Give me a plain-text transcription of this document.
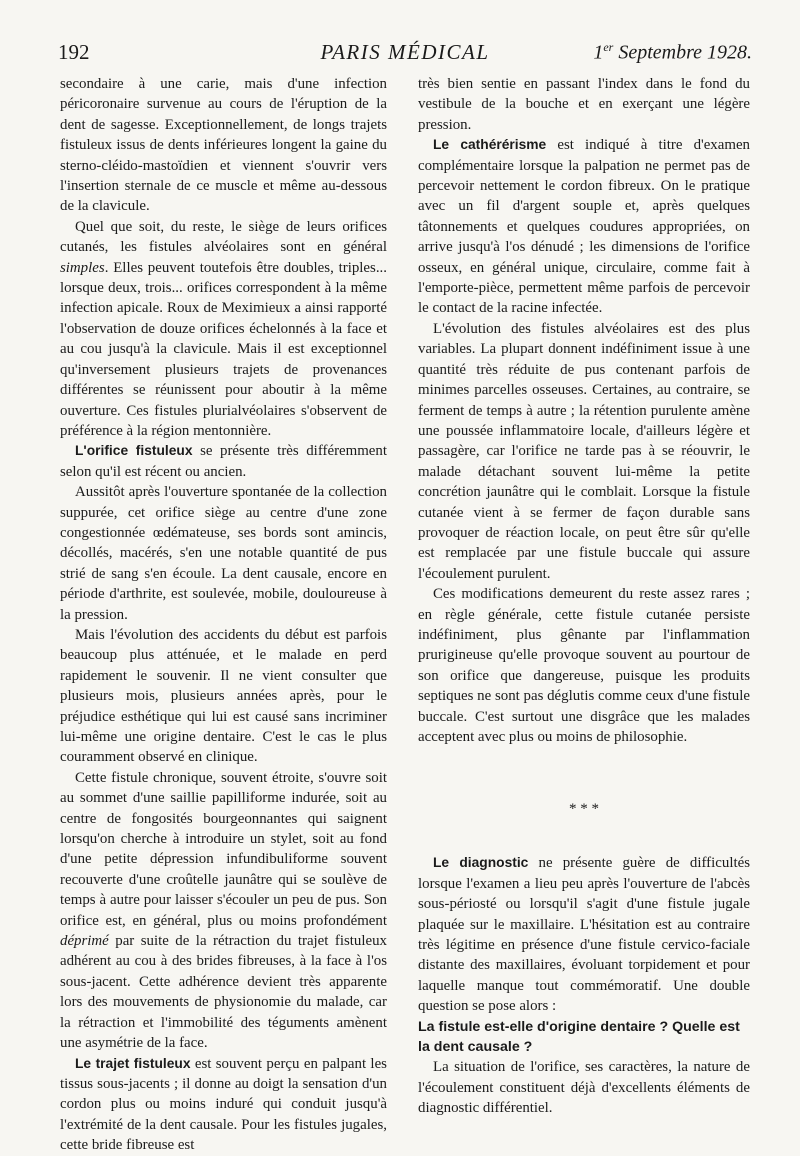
192	PARIS MÉDICAL	1er Septembre 1928.

secondaire à une carie, mais d'une infection péricoronaire survenue au cours de l'éruption de la dent de sagesse. Exceptionnellement, de longs trajets fistuleux issus de dents inférieures longent la gaine du sterno-cléido-mastoïdien et viennent s'ouvrir vers l'insertion sternale de ce muscle et même au-dessous de la clavicule.

Quel que soit, du reste, le siège de leurs orifices cutanés, les fistules alvéolaires sont en général simples. Elles peuvent toutefois être doubles, triples... lorsque deux, trois... orifices correspondent à la même infection apicale. Roux de Meximieux a ainsi rapporté l'observation de douze orifices échelonnés à la face et au cou jusqu'à la clavicule. Mais il est exceptionnel qu'inversement plusieurs trajets de provenances différentes se réunissent pour aboutir à la même ouverture. Ces fistules plurialvéolaires s'observent de préférence à la région mentonnière.

L'orifice fistuleux se présente très différemment selon qu'il est récent ou ancien.

Aussitôt après l'ouverture spontanée de la collection suppurée, cet orifice siège au centre d'une zone congestionnée œdémateuse, ses bords sont amincis, décollés, macérés, s'en une notable quantité de pus strié de sang s'en écoule. La dent causale, encore en période d'arthrite, est soulevée, mobile, douloureuse à la pression.

Mais l'évolution des accidents du début est parfois beaucoup plus atténuée, et le malade en perd rapidement le souvenir. Il ne vient consulter que plusieurs mois, plusieurs années après, pour le préjudice esthétique qui lui est causé sans incriminer lui-même une origine dentaire. C'est le cas le plus couramment observé en clinique.

Cette fistule chronique, souvent étroite, s'ouvre soit au sommet d'une saillie papilliforme indurée, soit au centre de fongosités bourgeonnantes qui saignent lorsqu'on cherche à introduire un stylet, soit au fond d'une petite dépression infundibuliforme souvent recouverte d'une croûtelle jaunâtre qui se soulève de temps à autre pour laisser s'écouler un peu de pus. Son orifice est, en général, plus ou moins profondément déprimé par suite de la rétraction du trajet fistuleux adhérent au cou à des brides fibreuses, à la face à l'os sous-jacent. Cette adhérence devient très apparente lors des mouvements de physionomie du malade, car la rétraction et l'immobilité des téguments amènent une asymétrie de la face.

Le trajet fistuleux est souvent perçu en palpant les tissus sous-jacents ; il donne au doigt la sensation d'un cordon plus ou moins induré qui conduit jusqu'à l'extrémité de la dent causale. Pour les fistules jugales, cette bride fibreuse est

très bien sentie en passant l'index dans le fond du vestibule de la bouche et en exerçant une légère pression.

Le cathérérisme est indiqué à titre d'examen complémentaire lorsque la palpation ne permet pas de percevoir nettement le cordon fibreux. On le pratique avec un fil d'argent souple et, après quelques tâtonnements et quelques coudures appropriées, on arrive jusqu'à l'os dénudé ; les dimensions de l'orifice osseux, en général unique, circulaire, comme fait à l'emporte-pièce, permettent même parfois de percevoir le contact de la racine infectée.

L'évolution des fistules alvéolaires est des plus variables. La plupart donnent indéfiniment issue à une quantité très réduite de pus contenant parfois de minimes parcelles osseuses. Certaines, au contraire, se ferment de temps à autre ; la rétention purulente amène une poussée inflammatoire locale, d'ailleurs légère et passagère, car l'orifice ne tarde pas à se réouvrir, le malade détachant souvent lui-même la petite concrétion jaunâtre qui le comblait. Lorsque la fistule cutanée vient à se fermer de façon durable sans provoquer de réaction locale, on peut être sûr qu'elle est remplacée par une fistule buccale qui assure l'écoulement purulent.

Ces modifications demeurent du reste assez rares ; en règle générale, cette fistule cutanée persiste indéfiniment, plus gênante par l'inflammation prurigineuse qu'elle provoque souvent au pourtour de son orifice que dangereuse, puisque les produits septiques ne sont pas déglutis comme ceux d'une fistule buccale. C'est surtout une disgrâce que les malades acceptent avec plus ou moins de philosophie.

* * *

Le diagnostic ne présente guère de difficultés lorsque l'examen a lieu peu après l'ouverture de l'abcès sous-périosté ou lorsqu'il s'agit d'une fistule jugale plaquée sur le maxillaire. L'hésitation est au contraire très légitime en présence d'une fistule cervico-faciale distante des maxillaires, évoluant torpidement et pour laquelle manque tout commémoratif. Une double question se pose alors :

La fistule est-elle d'origine dentaire ? Quelle est la dent causale ?

La situation de l'orifice, ses caractères, la nature de l'écoulement constituent déjà d'excellents éléments de diagnostic différentiel.
